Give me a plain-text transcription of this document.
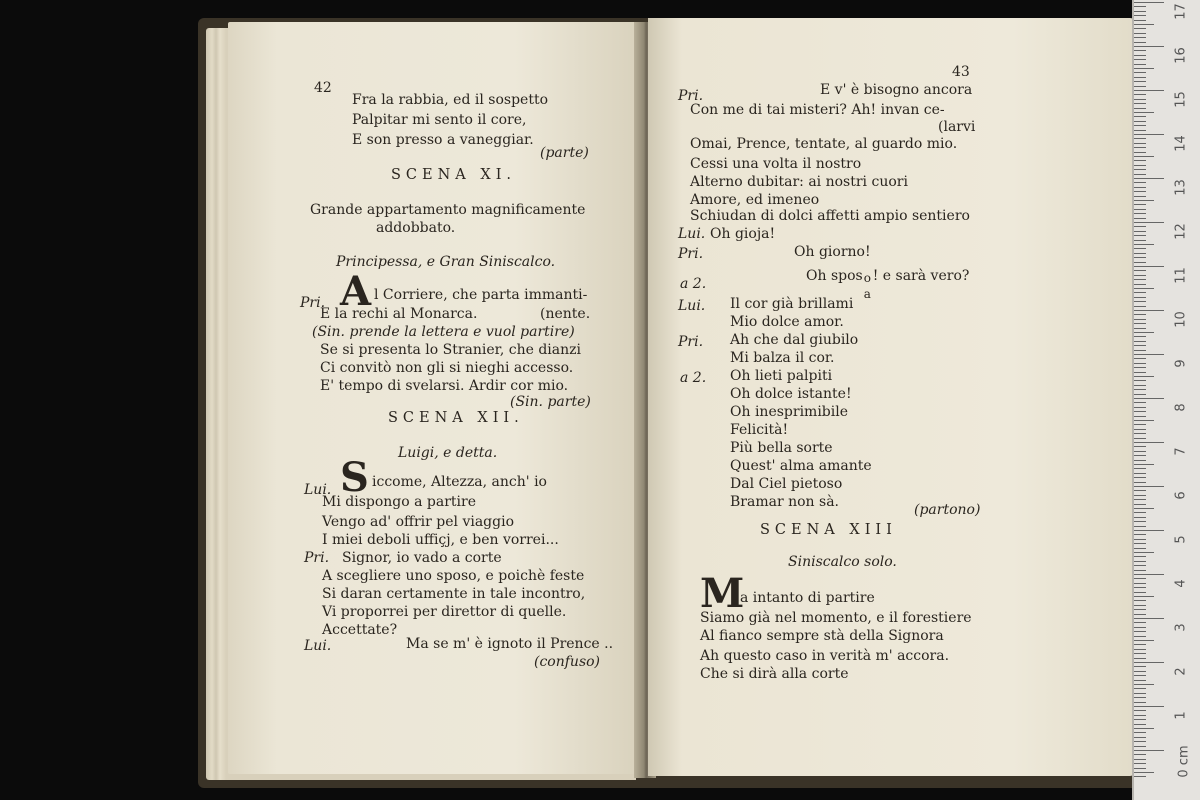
42
Fra la rabbia, ed il sospetto
Palpitar mi sento il core,
E son presso a vaneggiar.
(parte)
SCENA XI.
Grande appartamento magnificamente
addobbato.
Principessa, e Gran Siniscalco.
Pri. A l Corriere, che parta immanti-
E la rechi al Monarca.	(nente.
(Sin. prende la lettera e vuol partire)
Se si presenta lo Stranier, che dianzi
Ci convitò non gli si nieghi accesso.
E' tempo di svelarsi. Ardir cor mio.
(Sin. parte)
SCENA XII.
Luigi, e detta.
Lui. S iccome, Altezza, anch' io
Mi dispongo a partire
Vengo ad' offrir pel viaggio
I miei deboli uffiçj, e ben vorrei...
Pri. Signor, io vado a corte
A scegliere uno sposo, e poichè feste
Si daran certamente in tale incontro,
Vi proporrei per direttor di quelle.
Accettate?
Lui.	Ma se m' è ignoto il Prence ..
(confuso)
43
Pri.	E v' è bisogno ancora
Con me di tai misteri? Ah! invan ce-
(larvi
Omai, Prence, tentate, al guardo mio.
Cessi una volta il nostro
Alterno dubitar: ai nostri cuori
Amore, ed imeneo
Schiudan di dolci affetti ampio sentiero
Lui. Oh gioja!
Pri.	Oh giorno!
a 2.	Oh spos o
a
! e sarà vero?
Lui. Il cor già brillami
Mio dolce amor.
Pri. Ah che dal giubilo
Mi balza il cor.
a 2. Oh lieti palpiti
Oh dolce istante!
Oh inesprimibile
Felicità!
Più bella sorte
Quest' alma amante
Dal Ciel pietoso
Bramar non sà.	(partono)
SCENA XIII
Siniscalco solo.
M
a intanto di partire
Siamo già nel momento, e il forestiere
Al fianco sempre stà della Signora
Ah questo caso in verità m' accora.
Che si dirà alla corte
17
16
15
14
13
12
11
10
9
8
7
6
5
4
3
2
1
0 cm
